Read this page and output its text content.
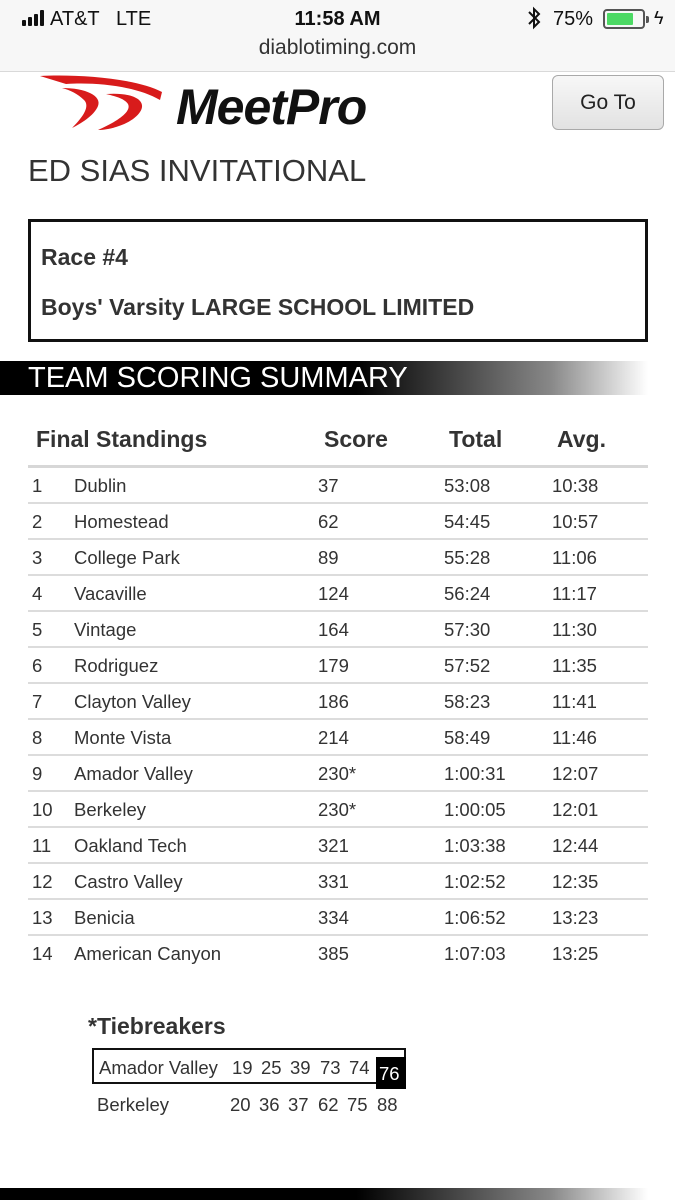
AT&T LTE	11:58 AM	75%	ϟ
diablotiming.com
MeetPro	Go To
ED SIAS INVITATIONAL
Race #4
Boys' Varsity LARGE SCHOOL LIMITED
TEAM SCORING SUMMARY
Final Standings	Score	Total Avg.
1 Dublin	37	53:08	10:38
2 Homestead	62	54:45	10:57
3 College Park	89	55:28	11:06
4 Vacaville	124	56:24	11:17
5 Vintage	164	57:30	11:30
6 Rodriguez	179	57:52	11:35
7 Clayton Valley	186	58:23	11:41
8 Monte Vista	214	58:49	11:46
9 Amador Valley	230*	1:00:31	12:07
10 Berkeley	230*	1:00:05	12:01
11 Oakland Tech	321	1:03:38	12:44
12 Castro Valley	331	1:02:52	12:35
13 Benicia	334	1:06:52	13:23
14 American Canyon	385	1:07:03	13:25
*Tiebreakers
Amador Valley 19 25 39 73 74 76
Berkeley	20 36 37 62 75 88
